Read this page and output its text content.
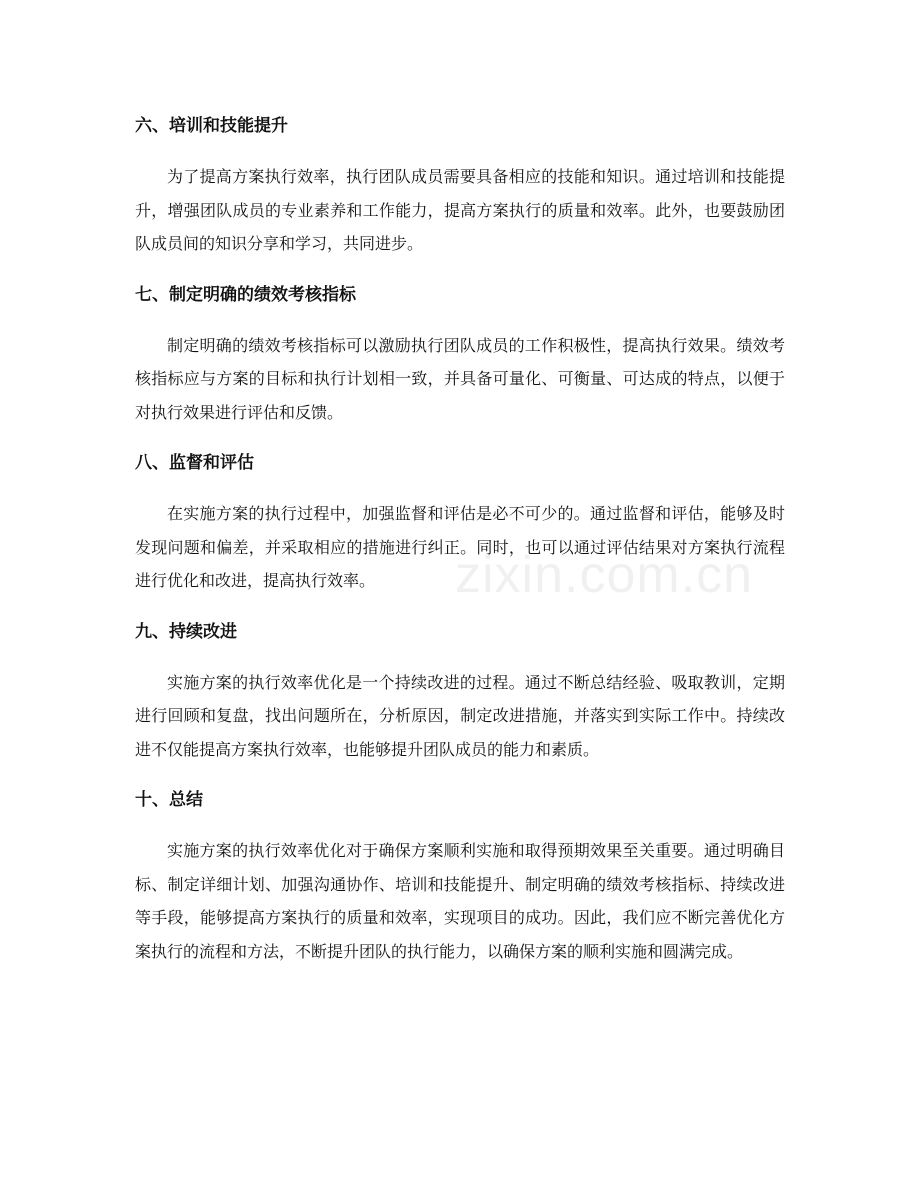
zixin.com.cn
六、培训和技能提升

为了提高方案执行效率，执行团队成员需要具备相应的技能和知识。通过培训和技能提升，增强团队成员的专业素养和工作能力，提高方案执行的质量和效率。此外，也要鼓励团队成员间的知识分享和学习，共同进步。

七、制定明确的绩效考核指标

制定明确的绩效考核指标可以激励执行团队成员的工作积极性，提高执行效果。绩效考核指标应与方案的目标和执行计划相一致，并具备可量化、可衡量、可达成的特点，以便于对执行效果进行评估和反馈。

八、监督和评估

在实施方案的执行过程中，加强监督和评估是必不可少的。通过监督和评估，能够及时发现问题和偏差，并采取相应的措施进行纠正。同时，也可以通过评估结果对方案执行流程进行优化和改进，提高执行效率。

九、持续改进

实施方案的执行效率优化是一个持续改进的过程。通过不断总结经验、吸取教训，定期进行回顾和复盘，找出问题所在，分析原因，制定改进措施，并落实到实际工作中。持续改进不仅能提高方案执行效率，也能够提升团队成员的能力和素质。

十、总结

实施方案的执行效率优化对于确保方案顺利实施和取得预期效果至关重要。通过明确目标、制定详细计划、加强沟通协作、培训和技能提升、制定明确的绩效考核指标、持续改进等手段，能够提高方案执行的质量和效率，实现项目的成功。因此，我们应不断完善优化方案执行的流程和方法，不断提升团队的执行能力，以确保方案的顺利实施和圆满完成。
